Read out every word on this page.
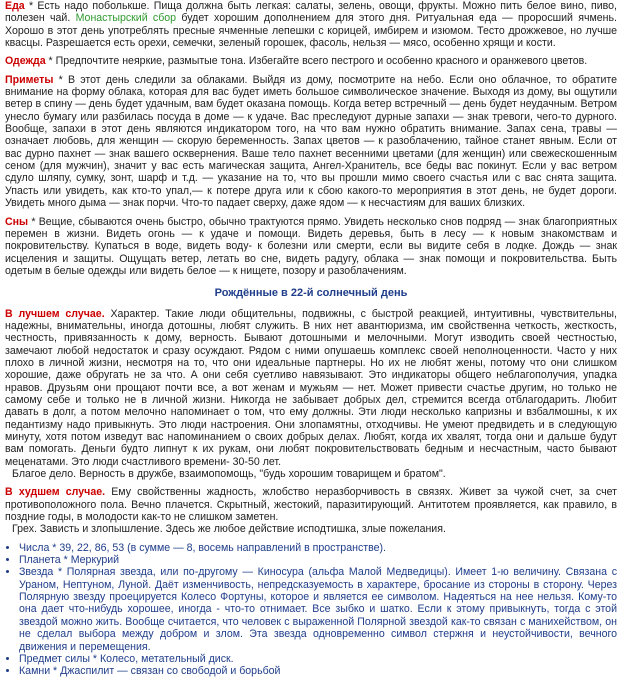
Еда * Есть надо поболькше. Пища должна быть легкая: салаты, зелень, овощи, фрукты. Можно пить белое вино, пиво, полезен чай. Монастырский сбор будет хорошим дополнением для этого дня. Ритуальная еда — проросший ячмень. Хорошо в этот день употреблять пресные ячменные лепешки с корицей, имбирем и изюмом. Тесто дрожжевое, но лучше квасцы. Разрешается есть орехи, семечки, зеленый горошек, фасоль, нельзя — мясо, особенно хрящи и кости.

Одежда * Предпочтите неяркие, размытые тона. Избегайте всего пестрого и особенно красного и оранжевого цветов.

Приметы * В этот день следили за облаками. Выйдя из дому, посмотрите на небо. Если оно облачное, то обратите внимание на форму облака, которая для вас будет иметь большое символическое значение. Выходя из дому, вы ощутили ветер в спину — день будет удачным, вам будет оказана помощь. Когда ветер встречный — день будет неудачным. Ветром унесло бумагу или разбилась посуда в доме — к удаче. Вас преследуют дурные запахи — знак тревоги, чего-то дурного. Вообще, запахи в этот день являются индикатором того, на что вам нужно обратить внимание. Запах сена, травы — означает любовь, для женщин — скорую беременность. Запах цветов — к разоблачению, тайное станет явным. Если от вас дурно пахнет — знак вашего осквернения. Ваше тело пахнет весенними цветами (для женщин) или свежескошенным сеном (для мужчин), значит у вас есть магическая защита, Ангел-Хранитель, все беды вас покинут. Если у вас ветром сдуло шляпу, сумку, зонт, шарф и т.д. — указание на то, что вы прошли мимо своего счастья или с вас снята защита. Упасть или увидеть, как кто-то упал,— к потере друга или к сбою какого-то мероприятия в этот день, не будет дороги. Увидеть много дыма — знак порчи. Что-то падает сверху, даже ядом — к несчастиям для ваших близких.

Сны * Вещие, сбываются очень быстро, обычно трактуются прямо. Увидеть несколько снов подряд — знак благоприятных перемен в жизни. Видеть огонь — к удаче и помощи. Видеть деревья, быть в лесу — к новым знакомствам и покровительству. Купаться в воде, видеть воду- к болезни или смерти, если вы видите себя в лодке. Дождь — знак исцеления и защиты. Ощущать ветер, летать во сне, видеть радугу, облака — знак помощи и покровительства. Быть одетым в белые одежды или видеть белое — к нищете, позору и разоблачениям.

Рождённые в 22-й солнечный день

В лучшем случае. Характер. Такие люди общительны, подвижны, с быстрой реакцией, интуитивны, чувствительны, надежны, внимательны, иногда дотошны, любят служить. В них нет авантюризма, им свойственна четкость, жесткость, честность, привязанность к дому, верность. Бывают дотошными и мелочными. Могут изводить своей честностью, замечают любой недостаток и сразу осуждают. Рядом с ними опушаешь комплекс своей неполноценности. Часто у них плохо в личной жизни, несмотря на то, что они идеальные партнеры. Но их не любят жены, потому что они слишком хорошие, даже обругать не за что. А они себя суетливо навязывают. Это индикаторы общего неблагополучия, упадка нравов. Друзьям они прощают почти все, а вот женам и мужьям — нет. Может привести счастье другим, но только не самому себе и только не в личной жизни. Никогда не забывает добрых дел, стремится всегда отблагодарить. Любит давать в долг, а потом мелочно напоминает о том, что ему должны. Эти люди несколько капризны и взбалмошны, к их педантизму надо привыкнуть. Это люди настроения. Они злопамятны, отходчивы. Не умеют предвидеть и в следующую минуту, хотя потом изведут вас напоминанием о своих добрых делах. Любят, когда их хвалят, тогда они и дальше будут вам помогать. Деньги будто липнут к их рукам, они любят покровительствовать бедным и несчастным, часто бывают меценатами. Это люди счастливого времени- 30-50 лет.

Благое дело. Верность в дружбе, взаимопомощь, "будь хорошим товарищем и братом".

В худшем случае. Ему свойственны жадность, жлобство неразборчивость в связях. Живет за чужой счет, за счет противоположного пола. Вечно плачется. Скрытный, жестокий, паразитирующий. Антитотем проявляется, как правило, в поздние годы, в молодости как-то не слишком заметен.

Грех. Зависть и злопышление. Здесь же любое действие исподтишка, злые пожелания.

• Числа * 39, 22, 86, 53 (в сумме — 8, восемь направлений в пространстве).
• Планета * Меркурий
• Звезда * Полярная звезда, или по-другому — Киносура (альфа Малой Медведицы). Имеет 1-ю величину. Связана с Ураном, Нептуном, Луной. Даёт изменчивость, непредсказуемость в характере, бросание из стороны в сторону. Через Полярную звезду проецируется Колесо Фортуны, которое и является ее символом. Надеяться на нее нельзя. Кому-то она дает что-нибудь хорошее, иногда - что-то отнимает. Все зыбко и шатко. Если к этому привыкнуть, тогда с этой звездой можно жить. Вообще считается, что человек с выраженной Полярной звездой как-то связан с манихейством, он не сделал выбора между добром и злом. Эта звезда одновременно символ стержня и неустойчивости, вечного движения и перемещения.
• Предмет силы * Колесо, метательный диск.
• Камни * Джаспилит — связан со свободой и борьбой
